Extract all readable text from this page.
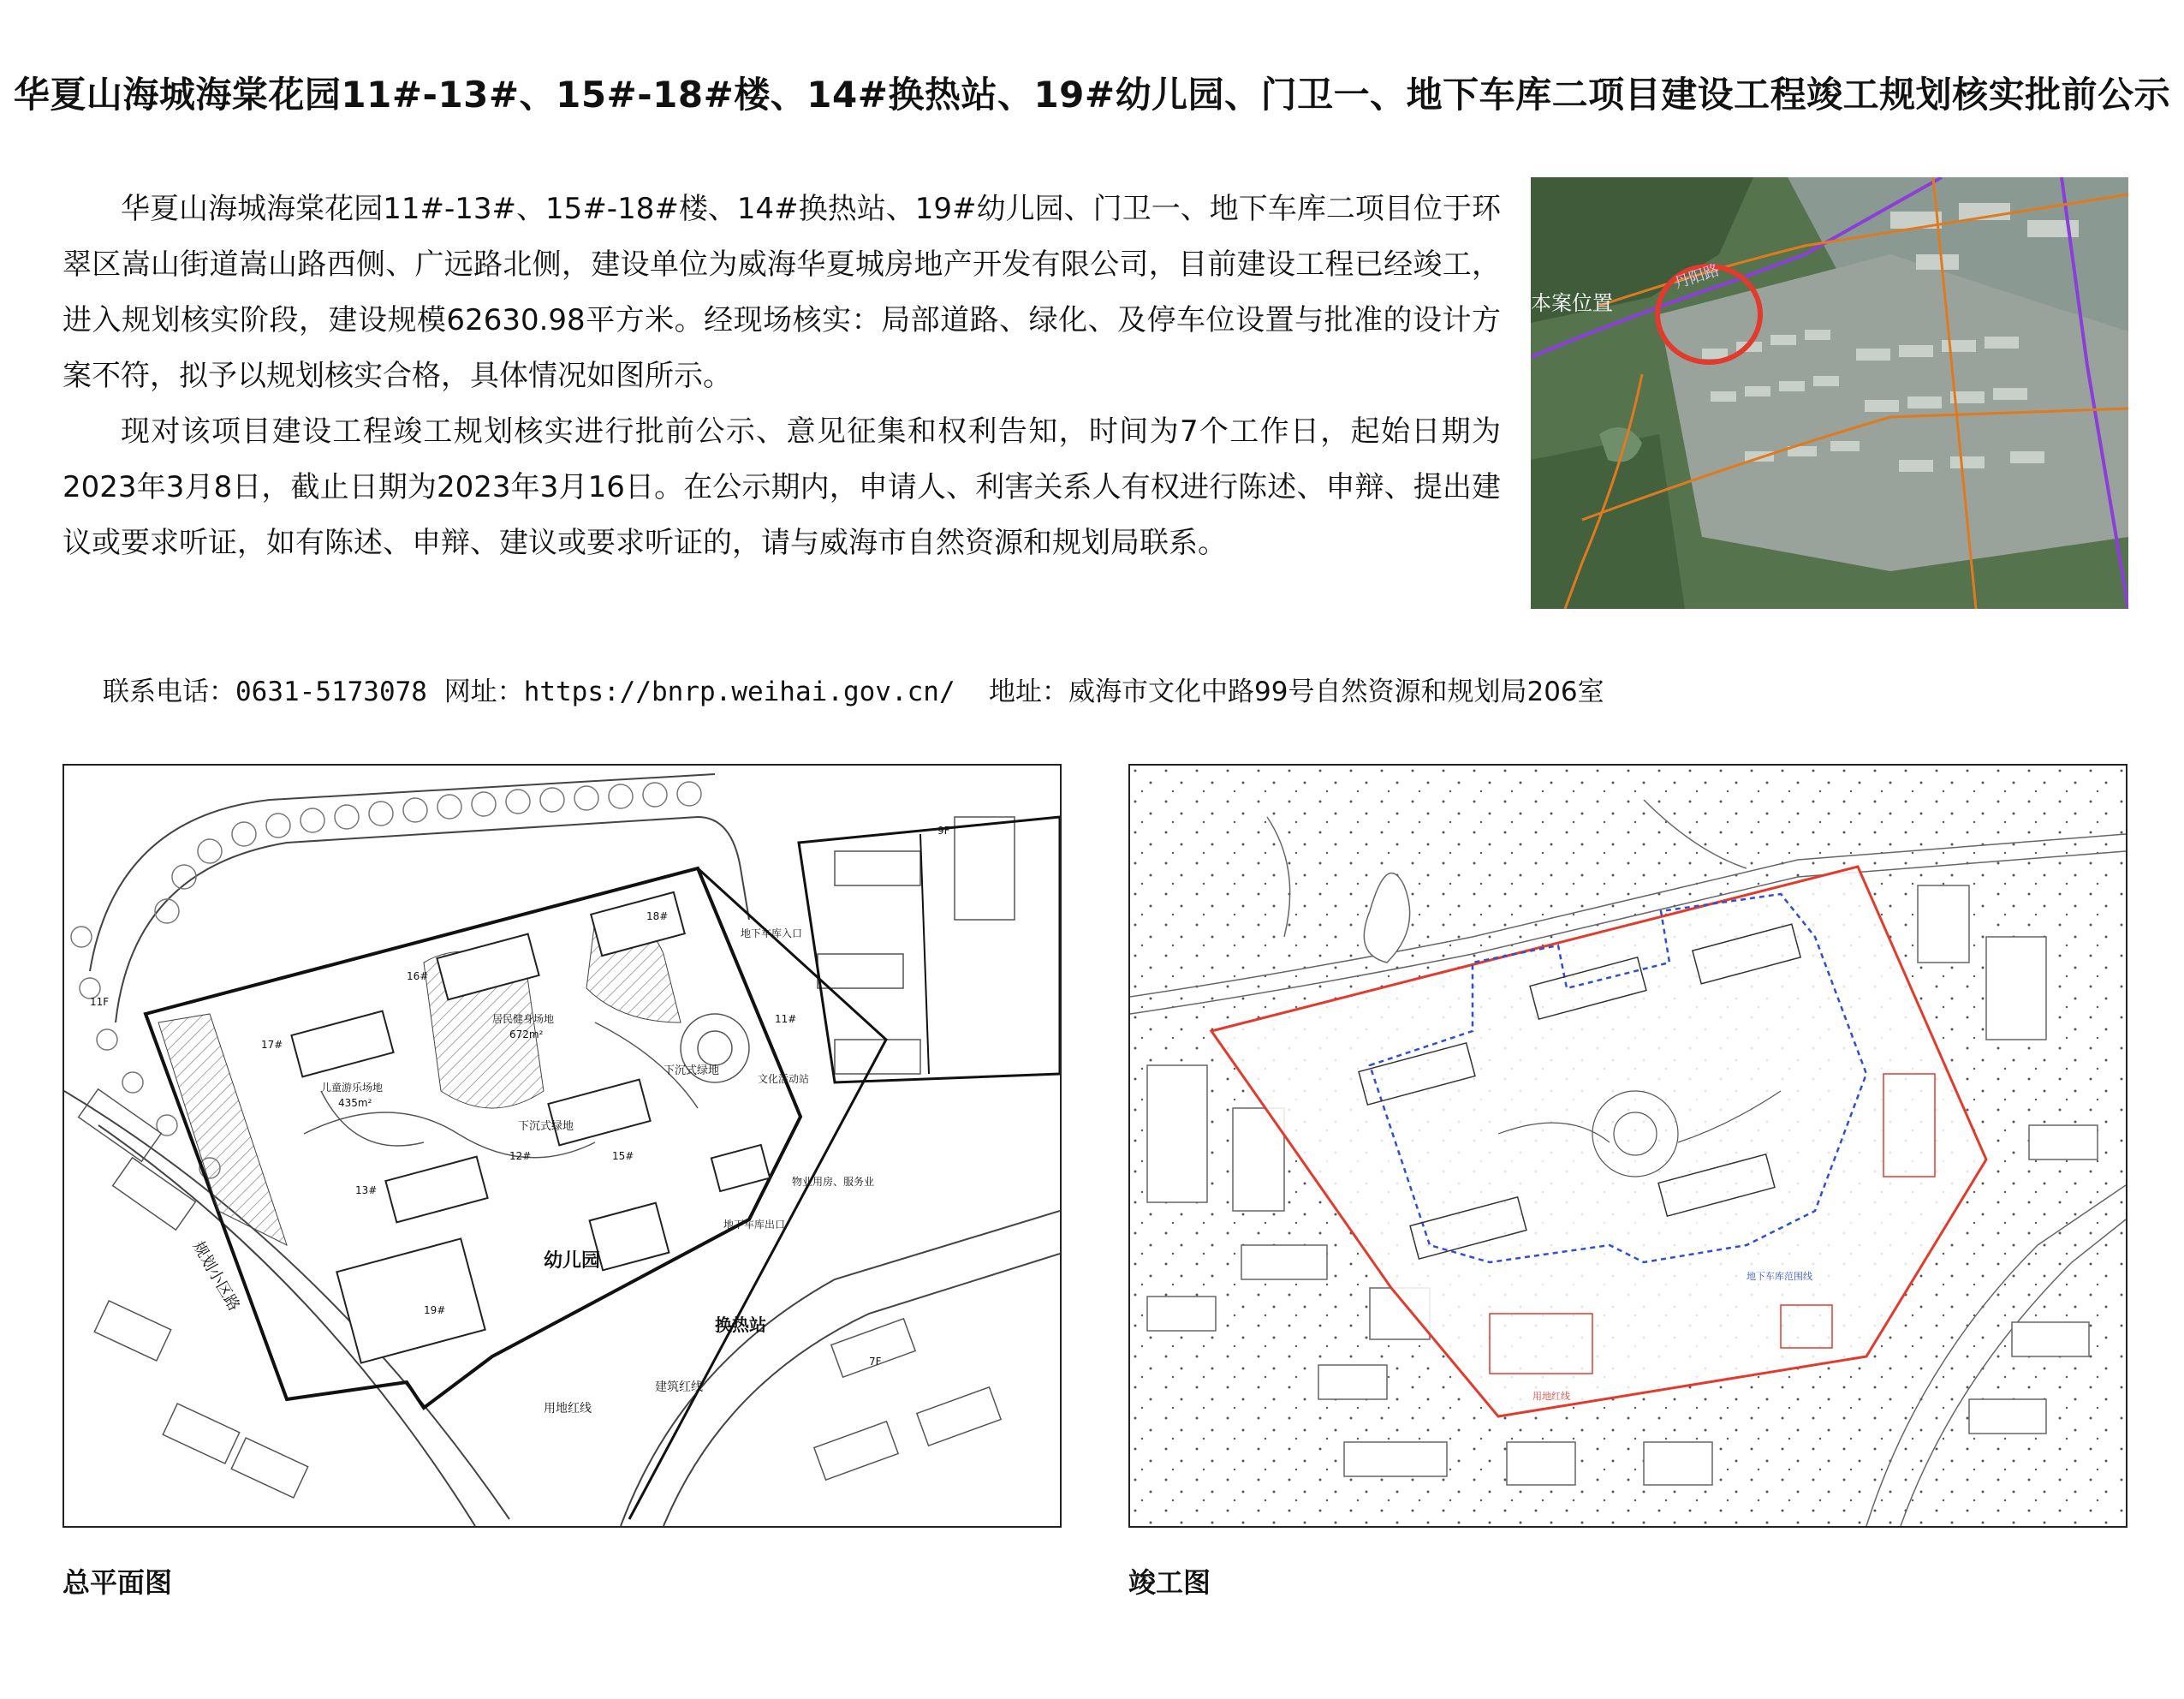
华夏山海城海棠花园11#-13#、15#-18#楼、14#换热站、19#幼儿园、门卫一、地下车库二项目建设工程竣工规划核实批前公示

华夏山海城海棠花园11#-13#、15#-18#楼、14#换热站、19#幼儿园、门卫一、地下车库二项目位于环翠区嵩山街道嵩山路西侧、广远路北侧，建设单位为威海华夏城房地产开发有限公司，目前建设工程已经竣工，进入规划核实阶段，建设规模62630.98平方米。经现场核实：局部道路、绿化、及停车位设置与批准的设计方案不符，拟予以规划核实合格，具体情况如图所示。

现对该项目建设工程竣工规划核实进行批前公示、意见征集和权利告知，时间为7个工作日，起始日期为2023年3月8日，截止日期为2023年3月16日。在公示期内，申请人、利害关系人有权进行陈述、申辩、提出建议或要求听证，如有陈述、申辩、建议或要求听证的，请与威海市自然资源和规划局联系。

本案位置
丹阳路
联系电话：0631-5173078 网址：https://bnrp.weihai.gov.cn/ 地址：威海市文化中路99号自然资源和规划局206室
幼儿园
换热站
用地红线
建筑红线
下沉式绿地
下沉式绿地
居民健身场地
672m²
儿童游乐场地
435m²
地下车库入口
地下车库出口
物业用房、服务业
文化活动站
规划小区路
17#
16#
18#
13#
12#	15#
19#
11#
11F
9F
7F
地下车库范围线
用地红线
总平面图	竣工图
